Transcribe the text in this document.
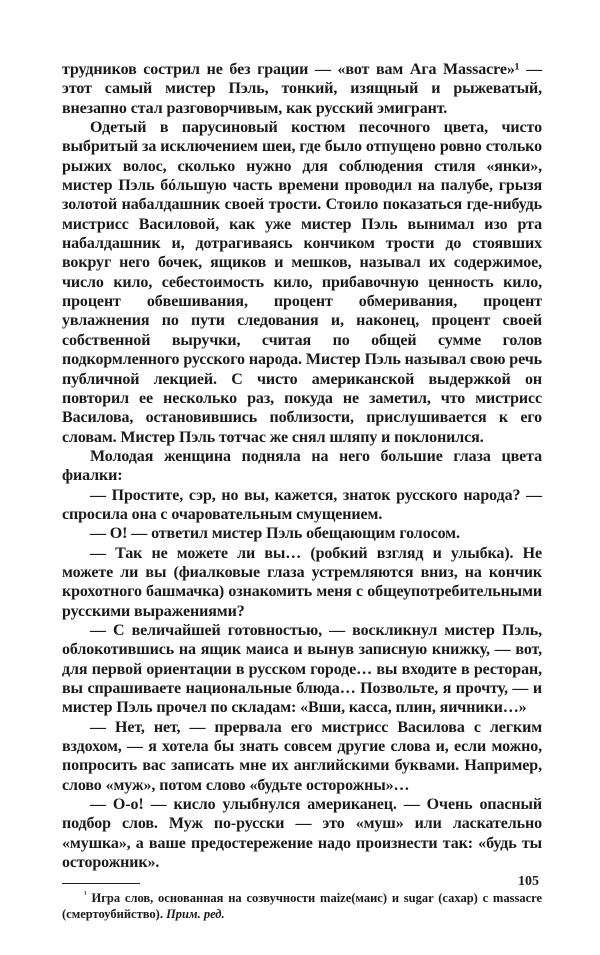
трудников сострил не без грации — «вот вам Ага Massacre»¹ — этот самый мистер Пэль, тонкий, изящный и рыжеватый, внезапно стал разговорчивым, как русский эмигрант.

Одетый в парусиновый костюм песочного цвета, чисто выбритый за исключением шеи, где было отпущено ровно столько рыжих волос, сколько нужно для соблюдения стиля «янки», мистер Пэль бóльшую часть времени проводил на палубе, грызя золотой набалдашник своей трости. Стоило показаться где-нибудь мистрисс Василовой, как уже мистер Пэль вынимал изо рта набалдашник и, дотрагиваясь кончиком трости до стоявших вокруг него бочек, ящиков и мешков, называл их содержимое, число кило, себестоимость кило, прибавочную ценность кило, процент обвешивания, процент обмеривания, процент увлажнения по пути следования и, наконец, процент своей собственной выручки, считая по общей сумме голов подкормленного русского народа. Мистер Пэль называл свою речь публичной лекцией. С чисто американской выдержкой он повторил ее несколько раз, покуда не заметил, что мистрисс Василова, остановившись поблизости, прислушивается к его словам. Мистер Пэль тотчас же снял шляпу и поклонился.

Молодая женщина подняла на него большие глаза цвета фиалки:

— Простите, сэр, но вы, кажется, знаток русского народа? — спросила она с очаровательным смущением.

— О! — ответил мистер Пэль обещающим голосом.

— Так не можете ли вы… (робкий взгляд и улыбка). Не можете ли вы (фиалковые глаза устремляются вниз, на кончик крохотного башмачка) ознакомить меня с общеупотребительными русскими выражениями?

— С величайшей готовностью, — воскликнул мистер Пэль, облокотившись на ящик маиса и вынув записную книжку, — вот, для первой ориентации в русском городе… вы входите в ресторан, вы спрашиваете национальные блюда… Позвольте, я прочту, — и мистер Пэль прочел по складам: «Вши, касса, плин, яичники…»

— Нет, нет, — прервала его мистрисс Василова с легким вздохом, — я хотела бы знать совсем другие слова и, если можно, попросить вас записать мне их английскими буквами. Например, слово «муж», потом слово «будьте осторожны»…

— О-о! — кисло улыбнулся американец. — Очень опасный подбор слов. Муж по-русски — это «муш» или ласкательно «мушка», а ваше предостережение надо произнести так: «будь ты осторожник».

$^{^1}$ Игра слов, основанная на созвучности maize(маис) и sugar (сахар) с massacre (смертоубийство). Прим. ред.

105
